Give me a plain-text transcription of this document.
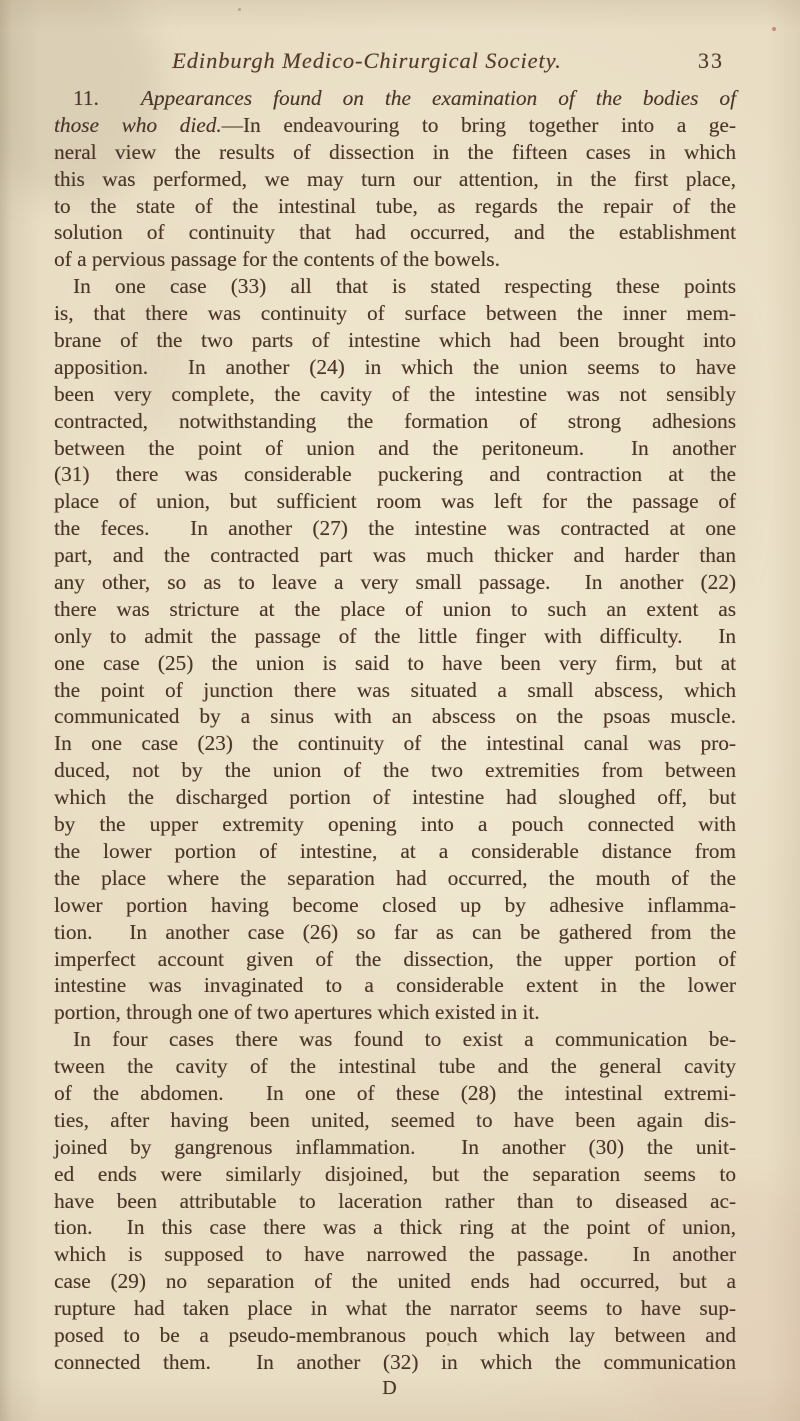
Edinburgh Medico-Chirurgical Society.	33
11.  Appearances found on the examination of the bodies of
those who died.—In endeavouring to bring together into a ge-
neral view the results of dissection in the fifteen cases in which
this was performed, we may turn our attention, in the first place,
to the state of the intestinal tube, as regards the repair of the
solution of continuity that had occurred, and the establishment
of a pervious passage for the contents of the bowels.
In one case (33) all that is stated respecting these points
is, that there was continuity of surface between the inner mem-
brane of the two parts of intestine which had been brought into
apposition.  In another (24) in which the union seems to have
been very complete, the cavity of the intestine was not sensibly
contracted, notwithstanding the formation of strong adhesions
between the point of union and the peritoneum.  In another
(31) there was considerable puckering and contraction at the
place of union, but sufficient room was left for the passage of
the feces.  In another (27) the intestine was contracted at one
part, and the contracted part was much thicker and harder than
any other, so as to leave a very small passage.  In another (22)
there was stricture at the place of union to such an extent as
only to admit the passage of the little finger with difficulty.  In
one case (25) the union is said to have been very firm, but at
the point of junction there was situated a small abscess, which
communicated by a sinus with an abscess on the psoas muscle.
In one case (23) the continuity of the intestinal canal was pro-
duced, not by the union of the two extremities from between
which the discharged portion of intestine had sloughed off, but
by the upper extremity opening into a pouch connected with
the lower portion of intestine, at a considerable distance from
the place where the separation had occurred, the mouth of the
lower portion having become closed up by adhesive inflamma-
tion.  In another case (26) so far as can be gathered from the
imperfect account given of the dissection, the upper portion of
intestine was invaginated to a considerable extent in the lower
portion, through one of two apertures which existed in it.
In four cases there was found to exist a communication be-
tween the cavity of the intestinal tube and the general cavity
of the abdomen.  In one of these (28) the intestinal extremi-
ties, after having been united, seemed to have been again dis-
joined by gangrenous inflammation.  In another (30) the unit-
ed ends were similarly disjoined, but the separation seems to
have been attributable to laceration rather than to diseased ac-
tion.  In this case there was a thick ring at the point of union,
which is supposed to have narrowed the passage.  In another
case (29) no separation of the united ends had occurred, but a
rupture had taken place in what the narrator seems to have sup-
posed to be a pseudo-membranous pouch which lay between and
connected them.  In another (32) in which the communication
D
